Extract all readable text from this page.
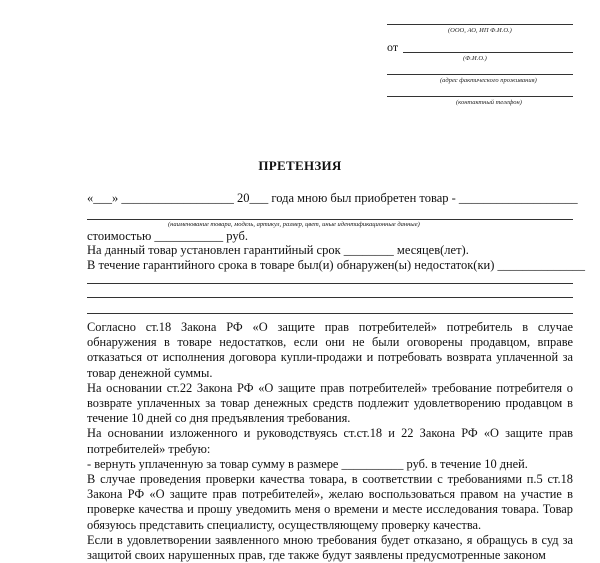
(ООО, АО, ИП Ф.И.О.)
от
(Ф.И.О.)
(адрес фактического проживания)
(контактный телефон)
ПРЕТЕНЗИЯ
«___» __________________ 20___ года мною был приобретен товар - ___________________
(наименование товара, модель, артикул, размер, цвет, иные идентификационные данные)
стоимостью ___________ руб.
На данный товар установлен гарантийный срок ________ месяцев(лет).
В течение гарантийного срока в товаре был(и) обнаружен(ы) недостаток(ки) ______________

Согласно ст.18 Закона РФ «О защите прав потребителей» потребитель в случае обнаружения в товаре недостатков, если они не были оговорены продавцом, вправе отказаться от исполнения договора купли-продажи и потребовать возврата уплаченной за товар денежной суммы.

На основании ст.22 Закона РФ «О защите прав потребителей» требование потребителя о возврате уплаченных за товар денежных средств подлежит удовлетворению продавцом в течение 10 дней со дня предъявления требования.

На основании изложенного и руководствуясь ст.ст.18 и 22 Закона РФ «О защите прав потребителей» требую:

- вернуть уплаченную за товар сумму в размере __________ руб. в течение 10 дней.

В случае проведения проверки качества товара, в соответствии с требованиями п.5 ст.18 Закона РФ «О защите прав потребителей», желаю воспользоваться правом на участие в проверке качества и прошу уведомить меня о времени и месте исследования товара. Товар обязуюсь представить специалисту, осуществляющему проверку качества.

Если в удовлетворении заявленного мною требования будет отказано, я обращусь в суд за защитой своих нарушенных прав, где также будут заявлены предусмотренные законом
